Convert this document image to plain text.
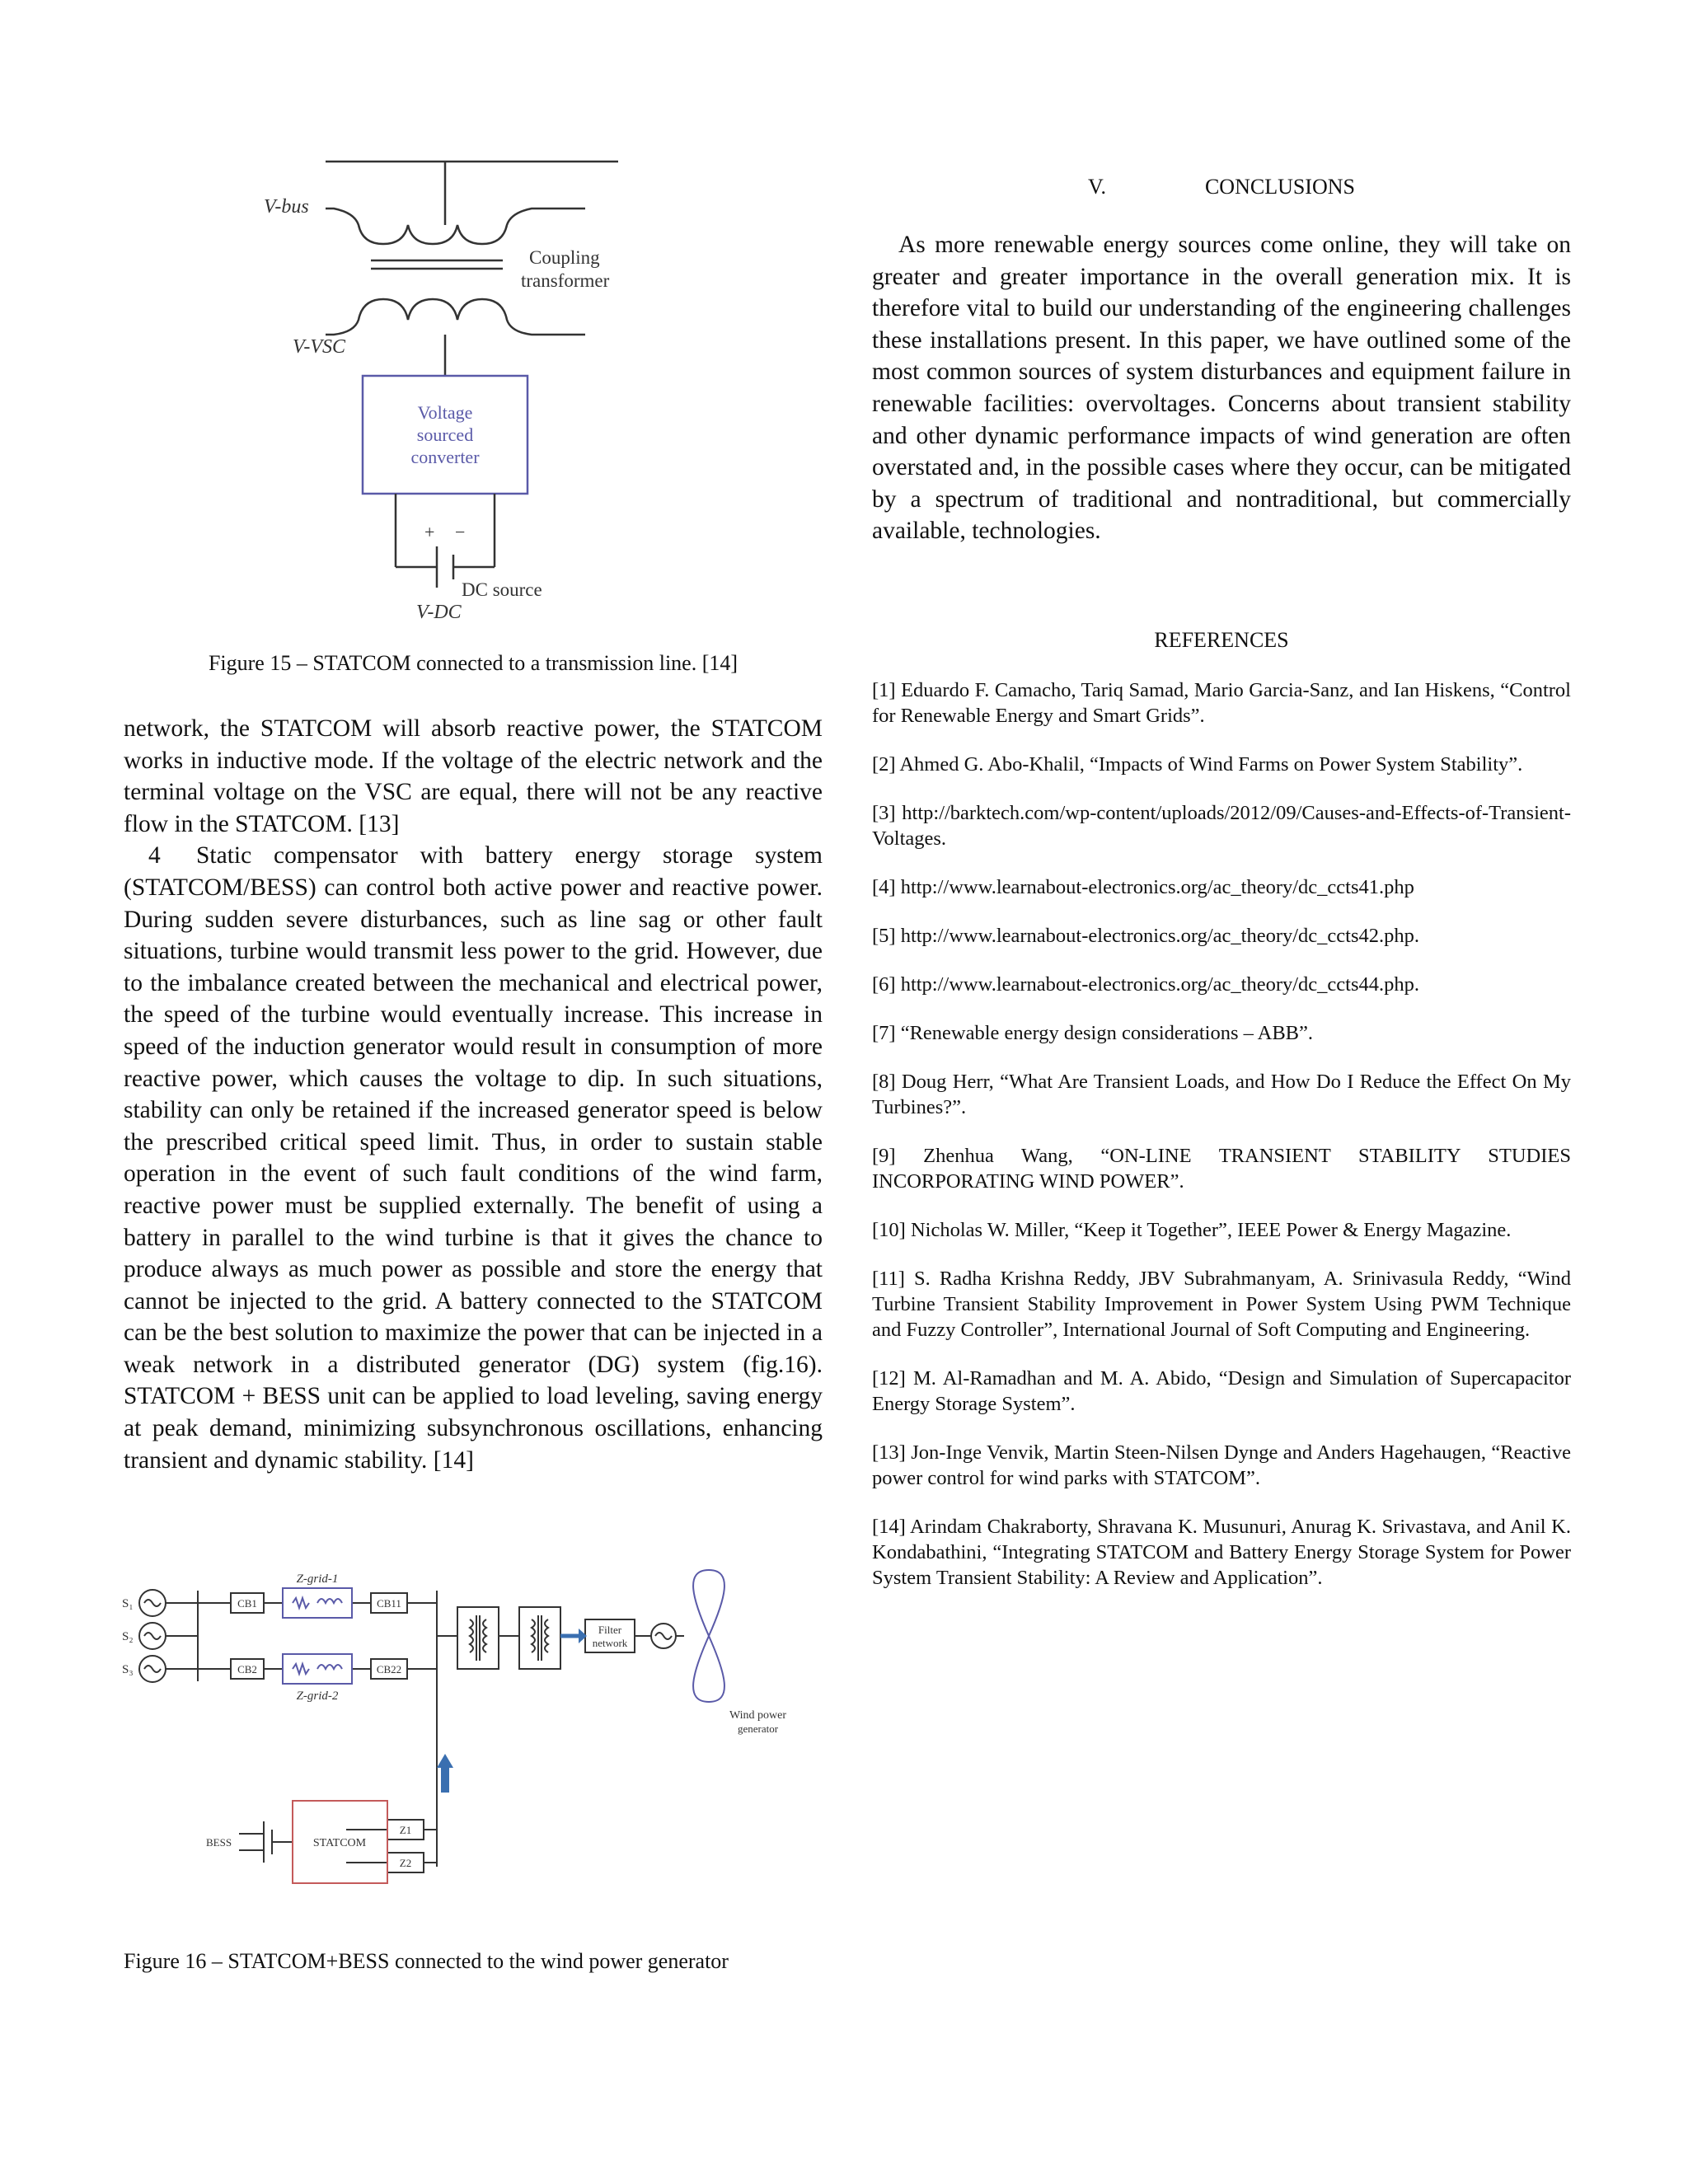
V-bus
Coupling
transformer
V-VSC
Voltage
sourced
converter
+ −
DC source
V-DC
Figure 15 – STATCOM connected to a transmission line. [14]

network, the STATCOM will absorb reactive power, the STATCOM works in inductive mode. If the voltage of the electric network and the terminal voltage on the VSC are equal, there will not be any reactive flow in the STATCOM. [13]

4 Static compensator with battery energy storage system (STATCOM/BESS) can control both active power and reactive power. During sudden severe disturbances, such as line sag or other fault situations, turbine would transmit less power to the grid. However, due to the imbalance created between the mechanical and electrical power, the speed of the turbine would eventually increase. This increase in speed of the induction generator would result in consumption of more reactive power, which causes the voltage to dip. In such situations, stability can only be retained if the increased generator speed is below the prescribed critical speed limit. Thus, in order to sustain stable operation in the event of such fault conditions of the wind farm, reactive power must be supplied externally. The benefit of using a battery in parallel to the wind turbine is that it gives the chance to produce always as much power as possible and store the energy that cannot be injected to the grid. A battery connected to the STATCOM can be the best solution to maximize the power that can be injected in a weak network in a distributed generator (DG) system (fig.16). STATCOM + BESS unit can be applied to load leveling, saving energy at peak demand, minimizing subsynchronous oscillations, enhancing transient and dynamic stability. [14]

S₁
S₂
S₃
CB1
CB2
CB11
CB22
Z-grid-1
Z-grid-2
Filter
network
Wind power
generator
BESS	STATCOM
Z1
Z2
Figure 16 – STATCOM+BESS connected to the wind power generator
V.	CONCLUSIONS

As more renewable energy sources come online, they will take on greater and greater importance in the overall generation mix. It is therefore vital to build our understanding of the engineering challenges these installations present. In this paper, we have outlined some of the most common sources of system disturbances and equipment failure in renewable facilities: overvoltages. Concerns about transient stability and other dynamic performance impacts of wind generation are often overstated and, in the possible cases where they occur, can be mitigated by a spectrum of traditional and nontraditional, but commercially available, technologies.

REFERENCES

[1] Eduardo F. Camacho, Tariq Samad, Mario Garcia-Sanz, and Ian Hiskens, “Control for Renewable Energy and Smart Grids”.

[2] Ahmed G. Abo-Khalil, “Impacts of Wind Farms on Power System Stability”.

[3] http://barktech.com/wp-content/uploads/2012/09/Causes-and-Effects-of-Transient-Voltages.

[4] http://www.learnabout-electronics.org/ac_theory/dc_ccts41.php

[5] http://www.learnabout-electronics.org/ac_theory/dc_ccts42.php.

[6] http://www.learnabout-electronics.org/ac_theory/dc_ccts44.php.

[7] “Renewable energy design considerations – ABB”.

[8] Doug Herr, “What Are Transient Loads, and How Do I Reduce the Effect On My Turbines?”.

[9] Zhenhua Wang, “ON-LINE TRANSIENT STABILITY STUDIES INCORPORATING WIND POWER”.

[10] Nicholas W. Miller, “Keep it Together”, IEEE Power & Energy Magazine.

[11] S. Radha Krishna Reddy, JBV Subrahmanyam, A. Srinivasula Reddy, “Wind Turbine Transient Stability Improvement in Power System Using PWM Technique and Fuzzy Controller”, International Journal of Soft Computing and Engineering.

[12] M. Al-Ramadhan and M. A. Abido, “Design and Simulation of Supercapacitor Energy Storage System”.

[13] Jon-Inge Venvik, Martin Steen-Nilsen Dynge and Anders Hagehaugen, “Reactive power control for wind parks with STATCOM”.

[14] Arindam Chakraborty, Shravana K. Musunuri, Anurag K. Srivastava, and Anil K. Kondabathini, “Integrating STATCOM and Battery Energy Storage System for Power System Transient Stability: A Review and Application”.
